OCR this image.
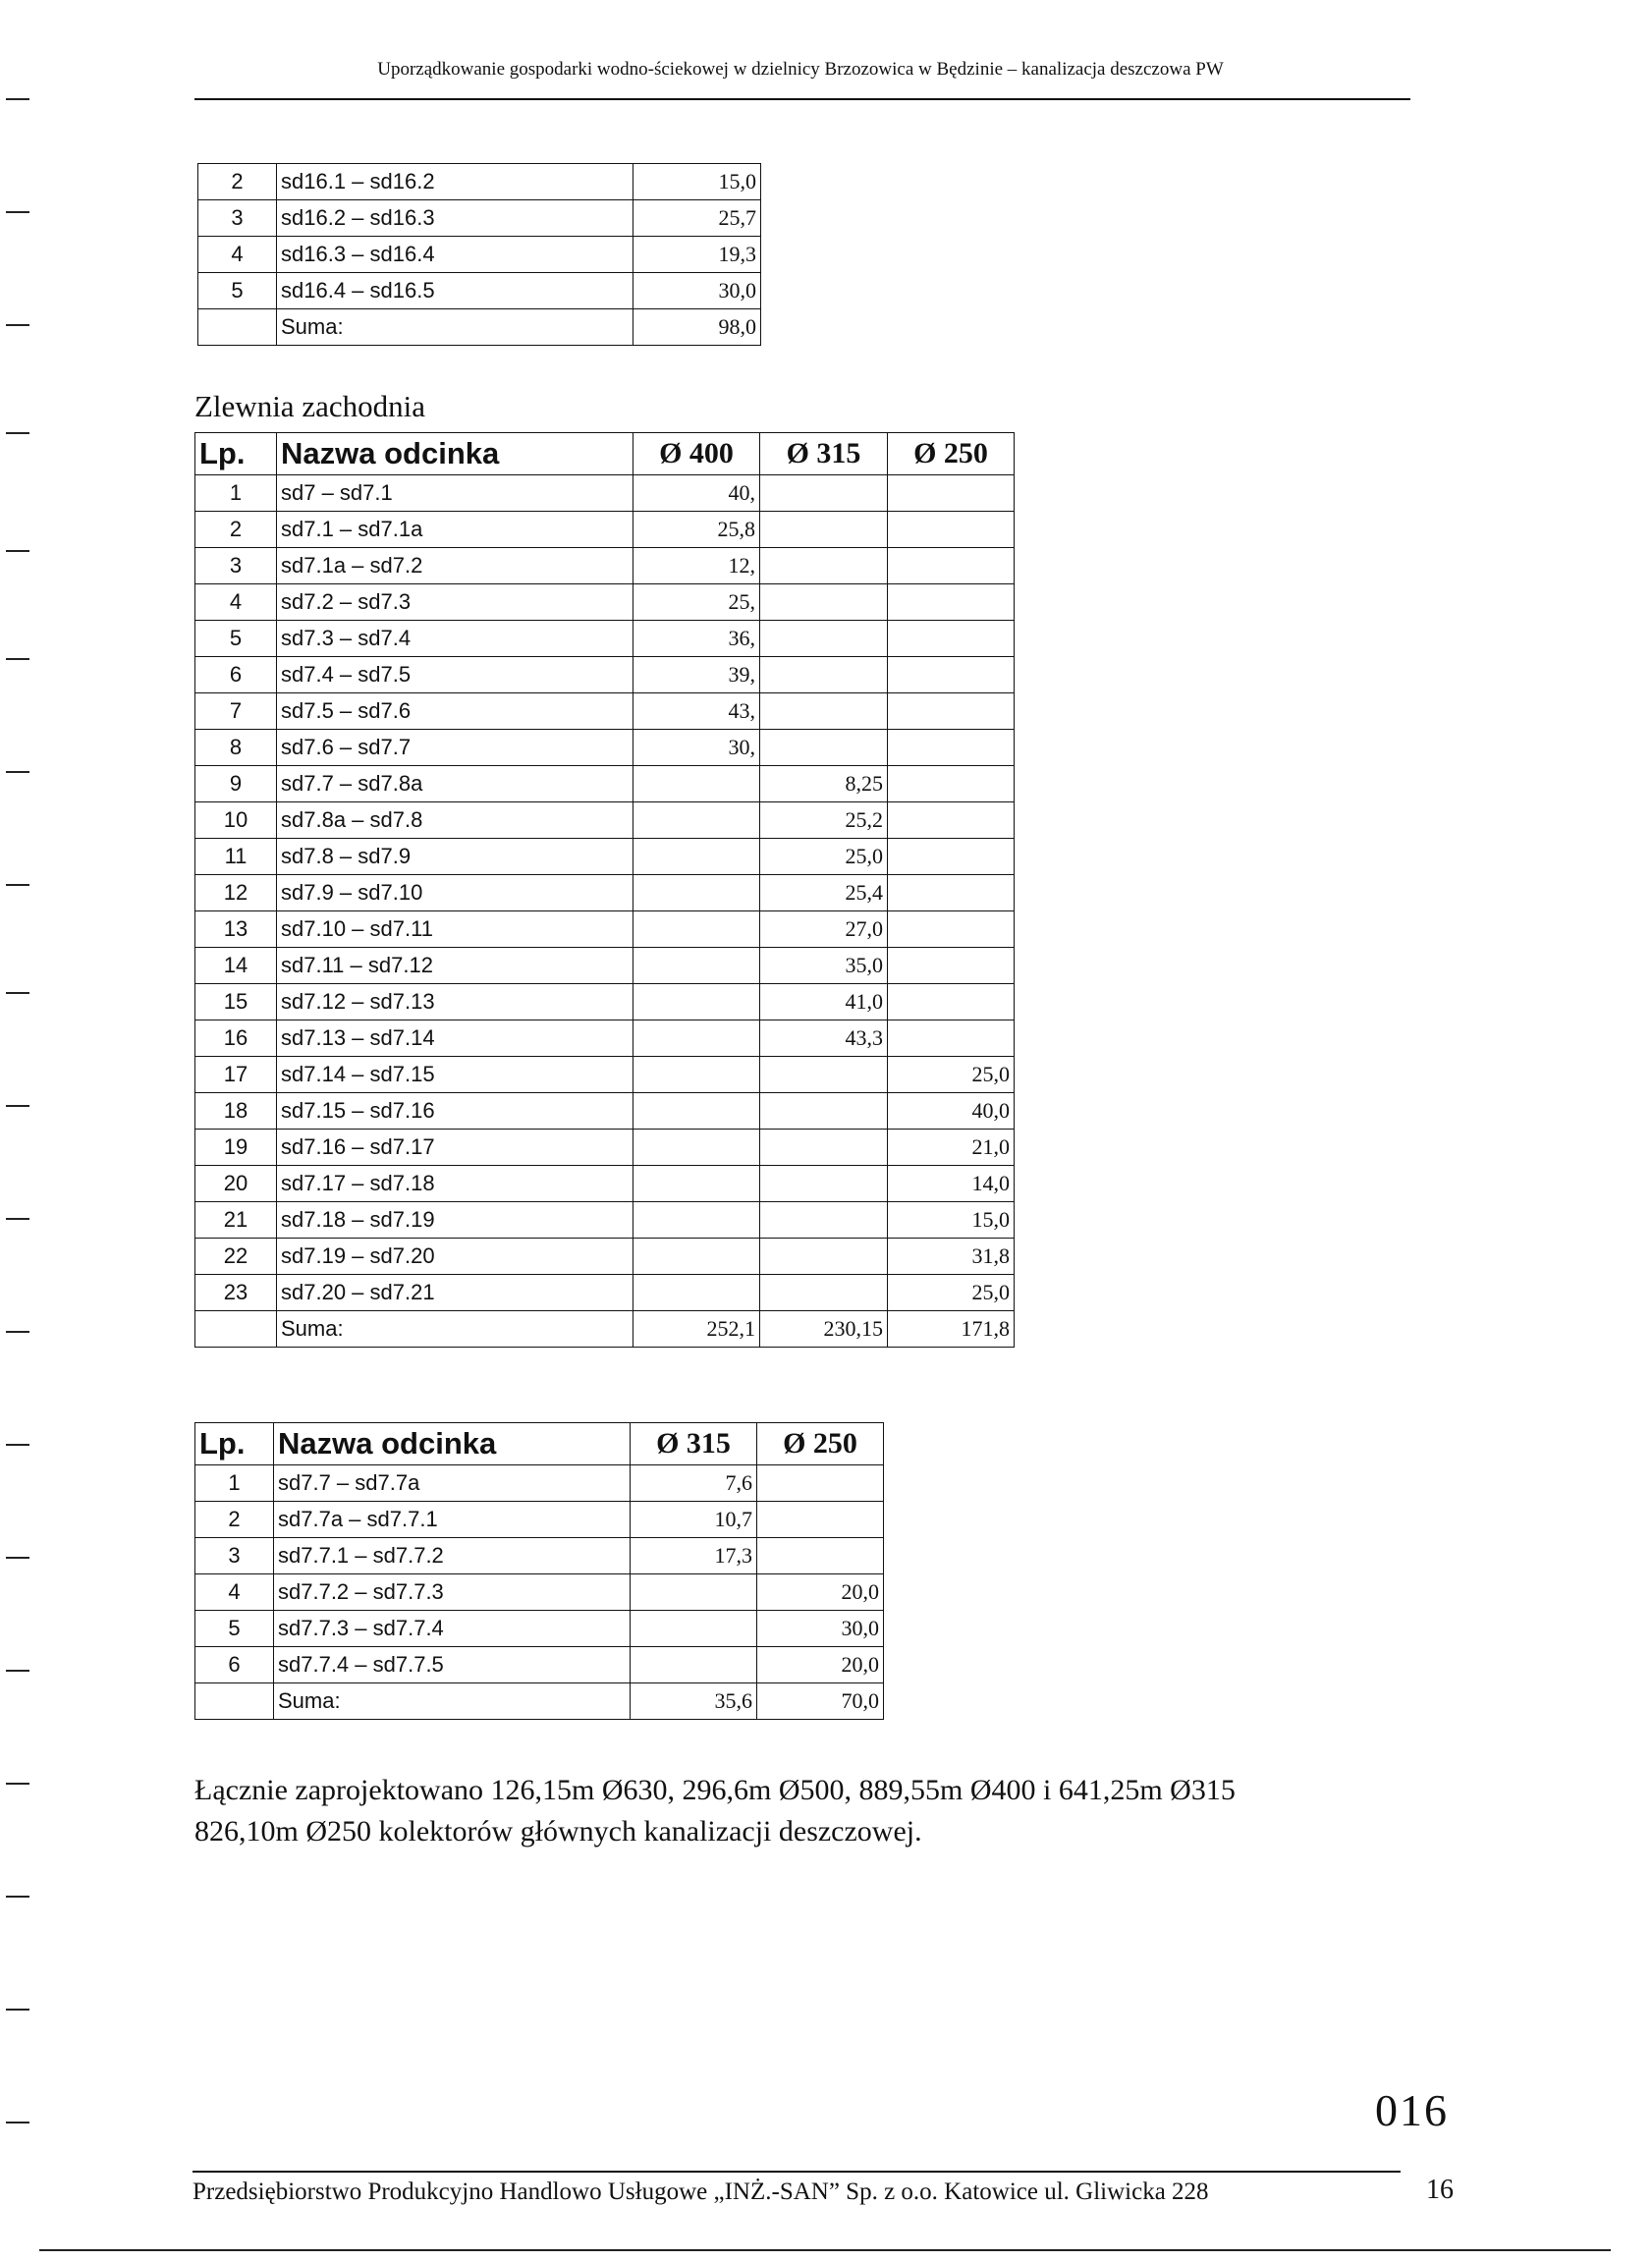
Uporządkowanie gospodarki wodno-ściekowej w dzielnicy Brzozowica w Będzinie – kanalizacja deszczowa PW
2	sd16.1 – sd16.2	15,0
3	sd16.2 – sd16.3	25,7
4	sd16.3 – sd16.4	19,3
5	sd16.4 – sd16.5	30,0
	Suma:	98,0
Zlewnia zachodnia
Lp.	Nazwa odcinka	Ø 400	Ø 315	Ø 250
1	sd7 – sd7.1	40,		
2	sd7.1 – sd7.1a	25,8		
3	sd7.1a – sd7.2	12,		
4	sd7.2 – sd7.3	25,		
5	sd7.3 – sd7.4	36,		
6	sd7.4 – sd7.5	39,		
7	sd7.5 – sd7.6	43,		
8	sd7.6 – sd7.7	30,		
9	sd7.7 – sd7.8a		8,25	
10	sd7.8a – sd7.8		25,2	
11	sd7.8 – sd7.9		25,0	
12	sd7.9 – sd7.10		25,4	
13	sd7.10 – sd7.11		27,0	
14	sd7.11 – sd7.12		35,0	
15	sd7.12 – sd7.13		41,0	
16	sd7.13 – sd7.14		43,3	
17	sd7.14 – sd7.15			25,0
18	sd7.15 – sd7.16			40,0
19	sd7.16 – sd7.17			21,0
20	sd7.17 – sd7.18			14,0
21	sd7.18 – sd7.19			15,0
22	sd7.19 – sd7.20			31,8
23	sd7.20 – sd7.21			25,0
	Suma:	252,1	230,15	171,8
Lp.	Nazwa odcinka	Ø 315	Ø 250
1	sd7.7 – sd7.7a	7,6	
2	sd7.7a – sd7.7.1	10,7	
3	sd7.7.1 – sd7.7.2	17,3	
4	sd7.7.2 – sd7.7.3		20,0
5	sd7.7.3 – sd7.7.4		30,0
6	sd7.7.4 – sd7.7.5		20,0
	Suma:	35,6	70,0
Łącznie zaprojektowano 126,15m Ø630, 296,6m Ø500, 889,55m Ø400 i 641,25m Ø315
826,10m Ø250 kolektorów głównych kanalizacji deszczowej.
016
Przedsiębiorstwo Produkcyjno Handlowo Usługowe „INŻ.-SAN” Sp. z o.o. Katowice ul. Gliwicka 228	16
